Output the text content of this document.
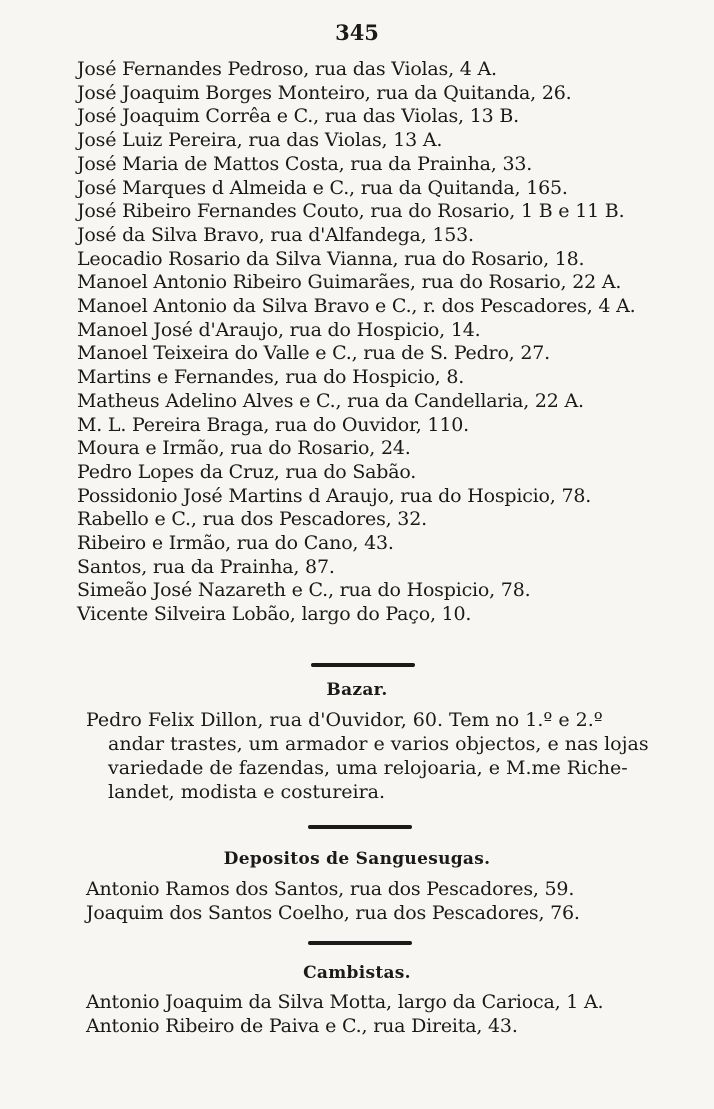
345
José Fernandes Pedroso, rua das Violas, 4 A.
José Joaquim Borges Monteiro, rua da Quitanda, 26.
José Joaquim Corrêa e C., rua das Violas, 13 B.
José Luiz Pereira, rua das Violas, 13 A.
José Maria de Mattos Costa, rua da Prainha, 33.
José Marques d Almeida e C., rua da Quitanda, 165.
José Ribeiro Fernandes Couto, rua do Rosario, 1 B e 11 B.
José da Silva Bravo, rua d'Alfandega, 153.
Leocadio Rosario da Silva Vianna, rua do Rosario, 18.
Manoel Antonio Ribeiro Guimarães, rua do Rosario, 22 A.
Manoel Antonio da Silva Bravo e C., r. dos Pescadores, 4 A.
Manoel José d'Araujo, rua do Hospicio, 14.
Manoel Teixeira do Valle e C., rua de S. Pedro, 27.
Martins e Fernandes, rua do Hospicio, 8.
Matheus Adelino Alves e C., rua da Candellaria, 22 A.
M. L. Pereira Braga, rua do Ouvidor, 110.
Moura e Irmão, rua do Rosario, 24.
Pedro Lopes da Cruz, rua do Sabão.
Possidonio José Martins d Araujo, rua do Hospicio, 78.
Rabello e C., rua dos Pescadores, 32.
Ribeiro e Irmão, rua do Cano, 43.
Santos, rua da Prainha, 87.
Simeão José Nazareth e C., rua do Hospicio, 78.
Vicente Silveira Lobão, largo do Paço, 10.
Bazar.
Pedro Felix Dillon, rua d'Ouvidor, 60. Tem no 1.º e 2.º
andar trastes, um armador e varios objectos, e nas lojas
variedade de fazendas, uma relojoaria, e M.me Riche-
landet, modista e costureira.
Depositos de Sanguesugas.
Antonio Ramos dos Santos, rua dos Pescadores, 59.
Joaquim dos Santos Coelho, rua dos Pescadores, 76.
Cambistas.
Antonio Joaquim da Silva Motta, largo da Carioca, 1 A.
Antonio Ribeiro de Paiva e C., rua Direita, 43.
